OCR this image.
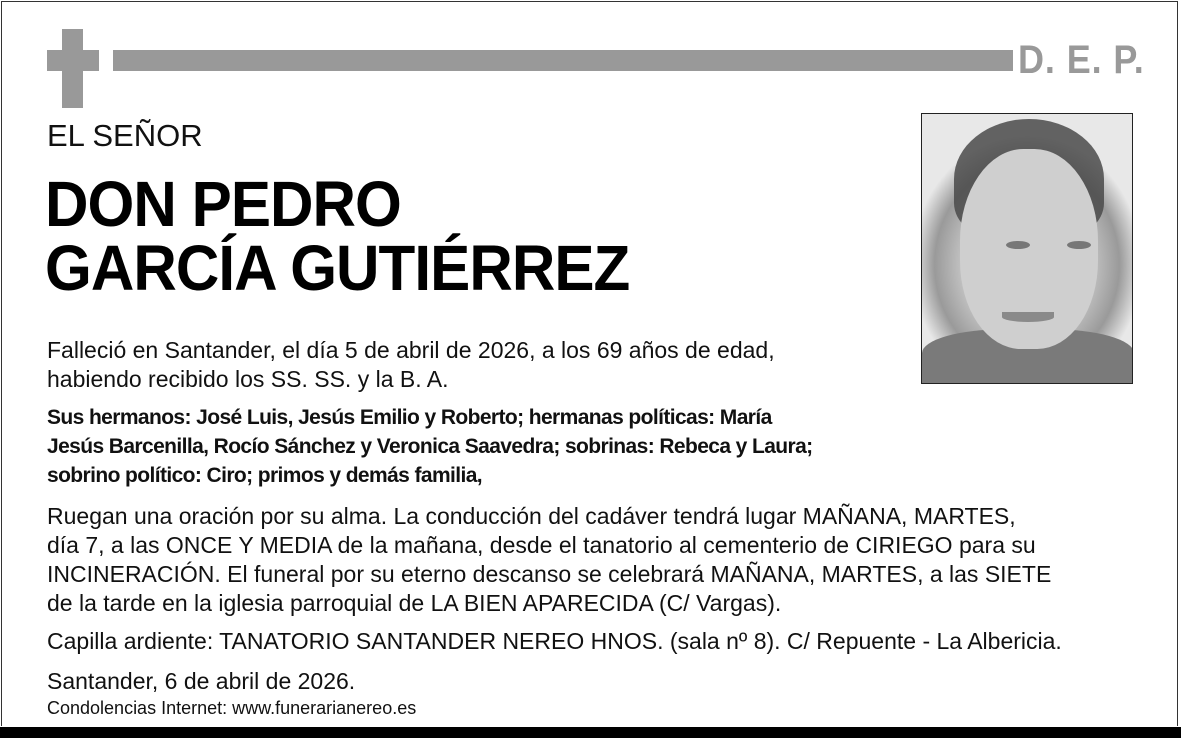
D. E. P.
EL SEÑOR
DON PEDRO
GARCÍA GUTIÉRREZ
Falleció en Santander, el día 5 de abril de 2026, a los 69 años de edad,
habiendo recibido los SS. SS. y la B. A.
Sus hermanos: José Luis, Jesús Emilio y Roberto; hermanas políticas: María
Jesús Barcenilla, Rocío Sánchez y Veronica Saavedra; sobrinas: Rebeca y Laura;
sobrino político: Ciro; primos y demás familia,
Ruegan una oración por su alma. La conducción del cadáver tendrá lugar MAÑANA, MARTES,
día 7, a las ONCE Y MEDIA de la mañana, desde el tanatorio al cementerio de CIRIEGO para su
INCINERACIÓN. El funeral por su eterno descanso se celebrará MAÑANA, MARTES, a las SIETE
de la tarde en la iglesia parroquial de LA BIEN APARECIDA (C/ Vargas).
Capilla ardiente: TANATORIO SANTANDER NEREO HNOS. (sala nº 8). C/ Repuente - La Albericia.
Santander, 6 de abril de 2026.
Condolencias Internet: www.funerarianereo.es
